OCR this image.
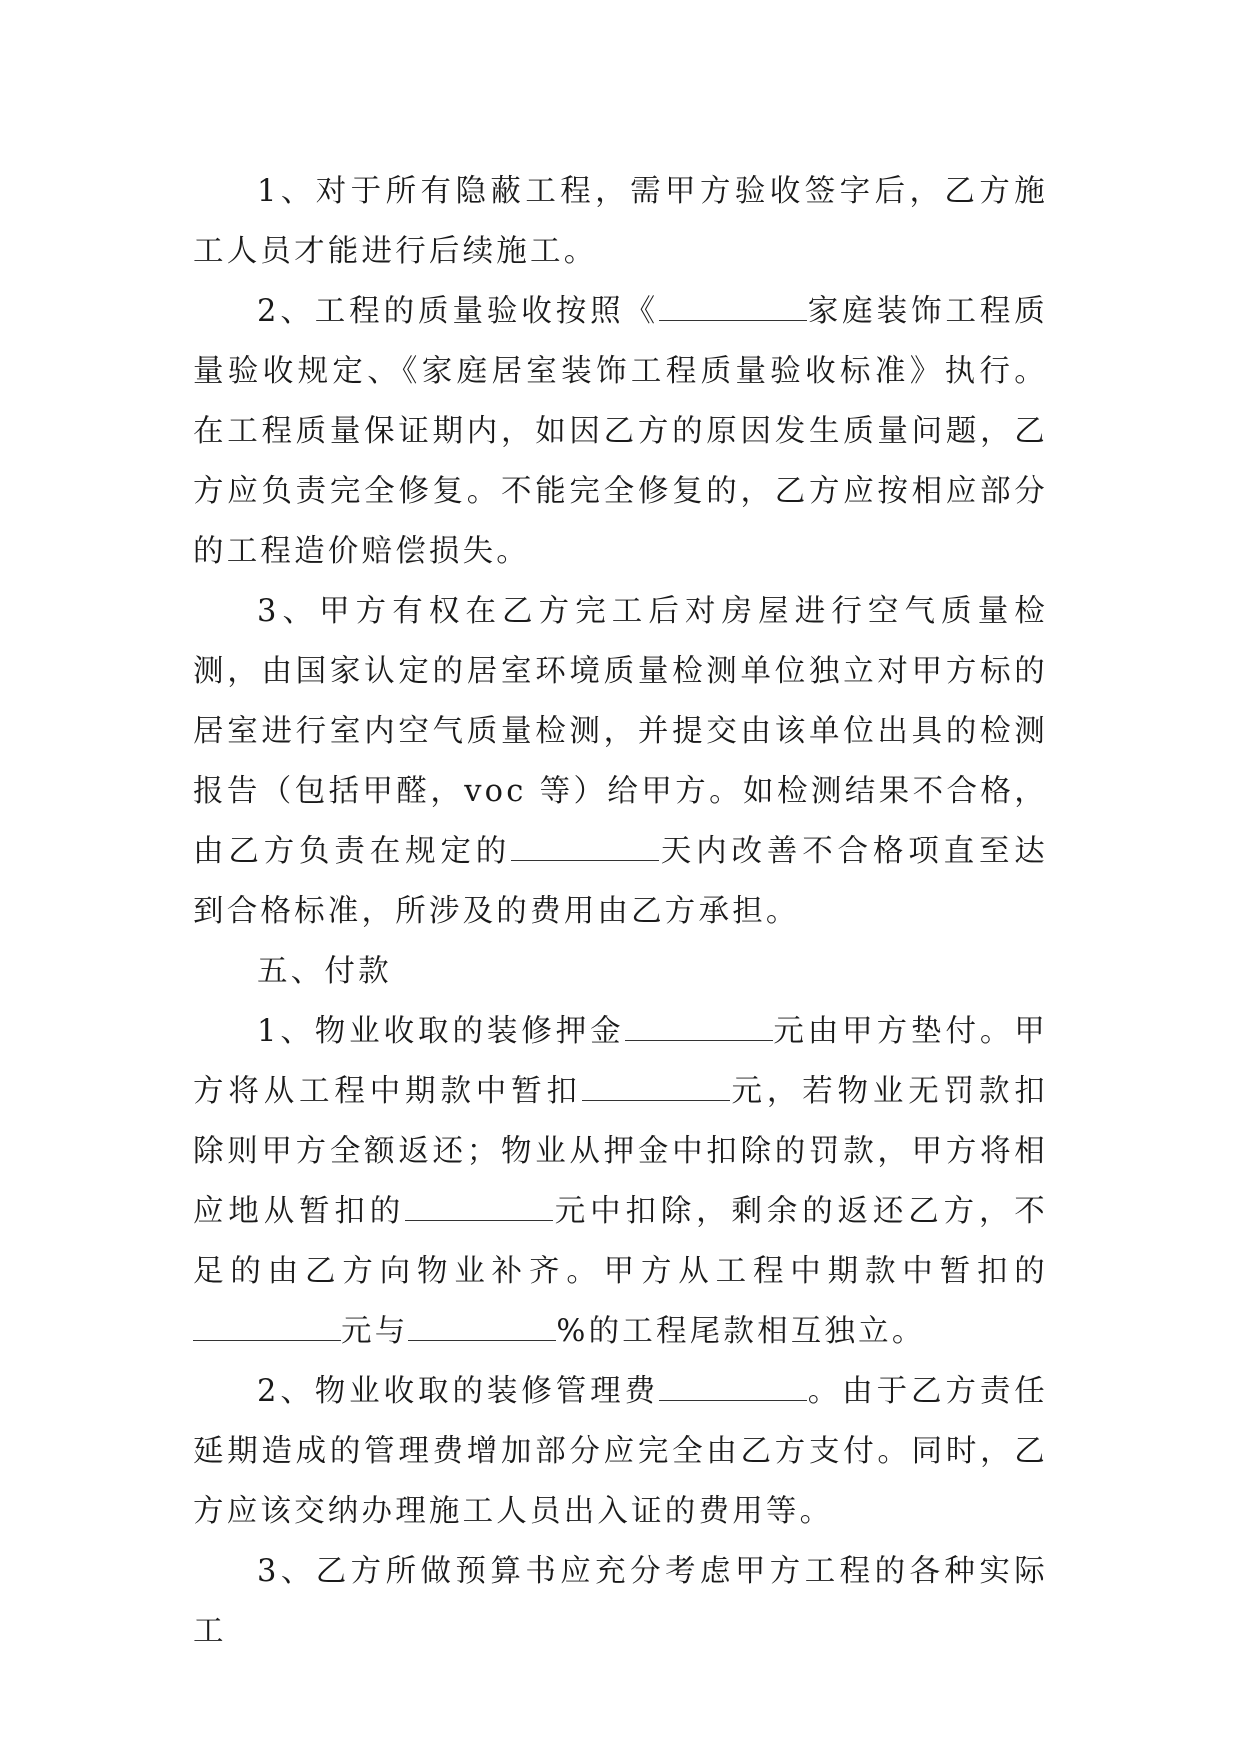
1、对于所有隐蔽工程，需甲方验收签字后，乙方施工人员才能进行后续施工。

2、工程的质量验收按照《	家庭装饰工程质量验收规定、《家庭居室装饰工程质量验收标准》执行。在工程质量保证期内，如因乙方的原因发生质量问题，乙方应负责完全修复。不能完全修复的，乙方应按相应部分的工程造价赔偿损失。

3、甲方有权在乙方完工后对房屋进行空气质量检测，由国家认定的居室环境质量检测单位独立对甲方标的居室进行室内空气质量检测，并提交由该单位出具的检测报告（包括甲醛，voc 等）给甲方。如检测结果不合格，由乙方负责在规定的	天内改善不合格项直至达到合格标准，所涉及的费用由乙方承担。

五、付款

1、物业收取的装修押金	元由甲方垫付。甲方将从工程中期款中暂扣	元，若物业无罚款扣除则甲方全额返还；物业从押金中扣除的罚款，甲方将相应地从暂扣的	元中扣除，剩余的返还乙方，不足的由乙方向物业补齐。甲方从工程中期款中暂扣的元与	%的工程尾款相互独立。

2、物业收取的装修管理费	。由于乙方责任延期造成的管理费增加部分应完全由乙方支付。同时，乙方应该交纳办理施工人员出入证的费用等。

3、乙方所做预算书应充分考虑甲方工程的各种实际工
